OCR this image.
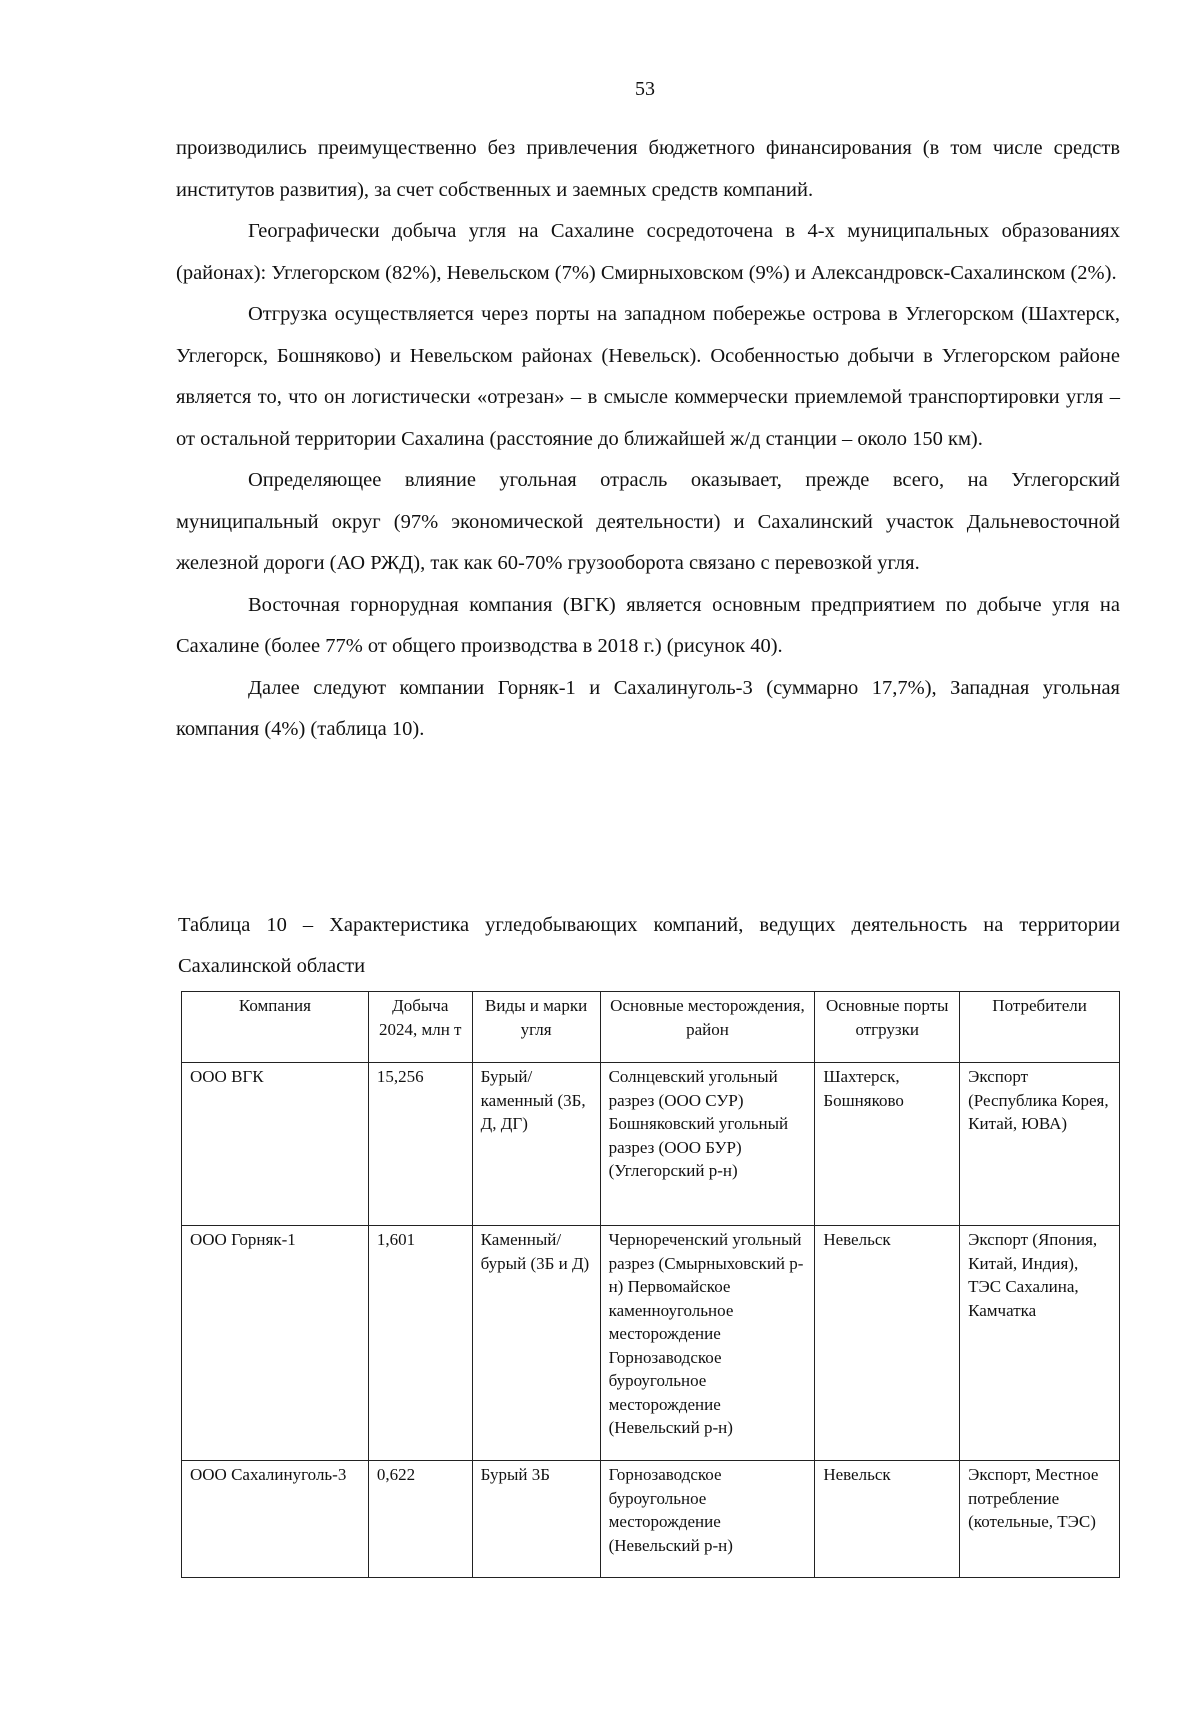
53

производились преимущественно без привлечения бюджетного финансирования (в том числе средств институтов развития), за счет собственных и заемных средств компаний.

Географически добыча угля на Сахалине сосредоточена в 4-х муниципальных образованиях (районах): Углегорском (82%), Невельском (7%) Смирныховском (9%) и Александровск-Сахалинском (2%).

Отгрузка осуществляется через порты на западном побережье острова в Углегорском (Шахтерск, Углегорск, Бошняково) и Невельском районах (Невельск). Особенностью добычи в Углегорском районе является то, что он логистически «отрезан» – в смысле коммерчески приемлемой транспортировки угля – от остальной территории Сахалина (расстояние до ближайшей ж/д станции – около 150 км).

Определяющее влияние угольная отрасль оказывает, прежде всего, на Углегорский муниципальный округ (97% экономической деятельности) и Сахалинский участок Дальневосточной железной дороги (АО РЖД), так как 60-70% грузооборота связано с перевозкой угля.

Восточная горнорудная компания (ВГК) является основным предприятием по добыче угля на Сахалине (более 77% от общего производства в 2018 г.) (рисунок 40).

Далее следуют компании Горняк-1 и Сахалинуголь-3 (суммарно 17,7%), Западная угольная компания (4%) (таблица 10).

Таблица 10 – Характеристика угледобывающих компаний, ведущих деятельность на территории Сахалинской области
Компания	Добыча 2024, млн т	Виды и марки угля	Основные месторождения, район	Основные порты отгрузки	Потребители
ООО ВГК	15,256	Бурый/каменный (3Б, Д, ДГ)	Солнцевский угольный разрез (ООО СУР) Бошняковский угольный разрез (ООО БУР) (Углегорский р-н)	Шахтерск, Бошняково	Экспорт (Республика Корея, Китай, ЮВА)
ООО Горняк-1	1,601	Каменный/бурый (3Б и Д)	Чернореченский угольный разрез (Смырныховский р-н) Первомайское каменноугольное месторождение Горнозаводское буроугольное месторождение (Невельский р-н)	Невельск	Экспорт (Япония, Китай, Индия), ТЭС Сахалина, Камчатка
ООО Сахалинуголь-3	0,622	Бурый 3Б	Горнозаводское буроугольное месторождение (Невельский р-н)	Невельск	Экспорт, Местное потребление (котельные, ТЭС)
